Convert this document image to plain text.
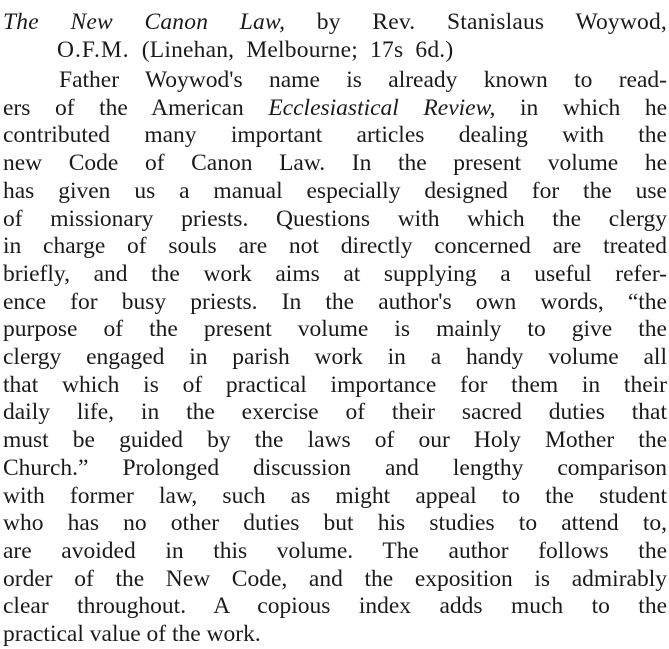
The New Canon Law, by Rev. Stanislaus Woywod,
O.F.M. (Linehan, Melbourne; 17s 6d.)
Father Woywod's name is already known to read-
ers of the American Ecclesiastical Review, in which he
contributed many important articles dealing with the
new Code of Canon Law. In the present volume he
has given us a manual especially designed for the use
of missionary priests. Questions with which the clergy
in charge of souls are not directly concerned are treated
briefly, and the work aims at supplying a useful refer-
ence for busy priests. In the author's own words, “the
purpose of the present volume is mainly to give the
clergy engaged in parish work in a handy volume all
that which is of practical importance for them in their
daily life, in the exercise of their sacred duties that
must be guided by the laws of our Holy Mother the
Church.” Prolonged discussion and lengthy comparison
with former law, such as might appeal to the student
who has no other duties but his studies to attend to,
are avoided in this volume. The author follows the
order of the New Code, and the exposition is admirably
clear throughout. A copious index adds much to the
practical value of the work.
